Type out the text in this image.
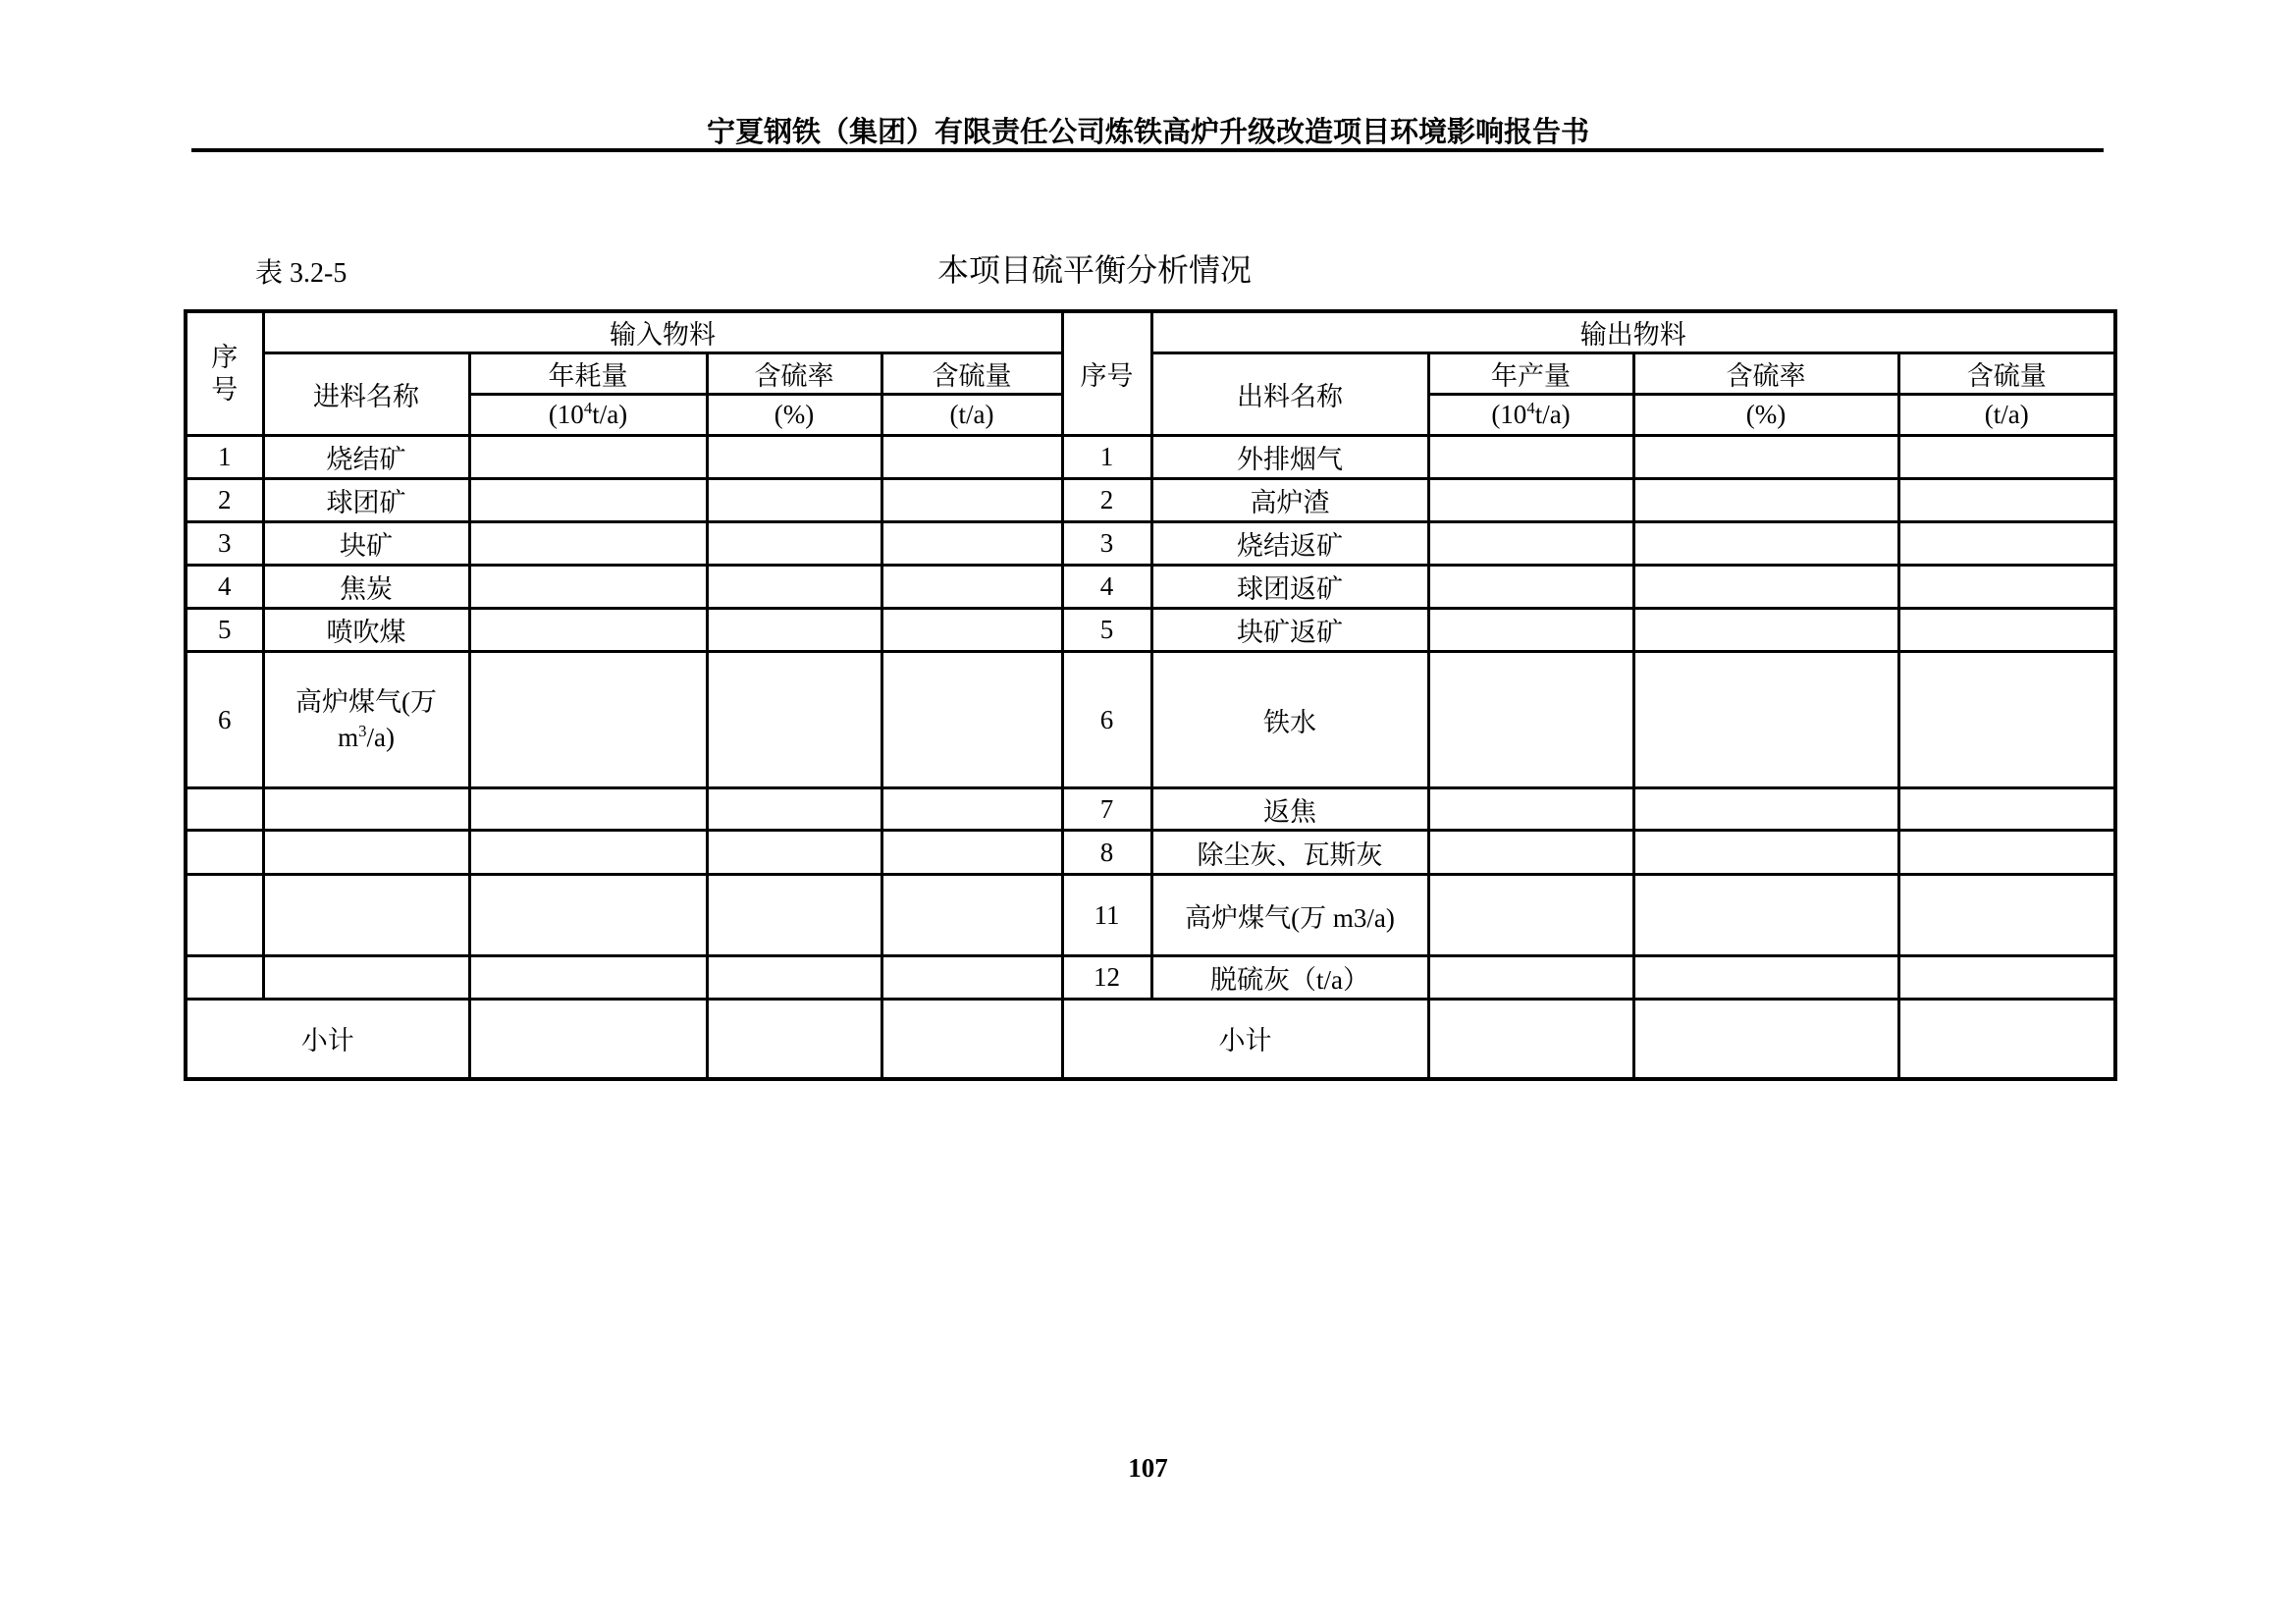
宁夏钢铁（集团）有限责任公司炼铁高炉升级改造项目环境影响报告书
表 3.2-5	本项目硫平衡分析情况
序
号	输入物料				序号	输出物料			
	进料名称	年耗量	含硫率	含硫量		出料名称	年产量	含硫率	含硫量
		$(10^4t/a)$	(%)	(t/a)			$(10^4t/a)$	(%)	(t/a)
1	烧结矿				1	外排烟气			
2	球团矿				2	高炉渣			
3	块矿				3	烧结返矿			
4	焦炭				4	球团返矿			
5	喷吹煤				5	块矿返矿			
6	高炉煤气(万
$m^3/a$)				6	铁水			
					7	返焦			
					8	除尘灰、瓦斯灰			
					11	高炉煤气(万 m3/a)			
					12	脱硫灰（t/a）			
小计					小计				
107
